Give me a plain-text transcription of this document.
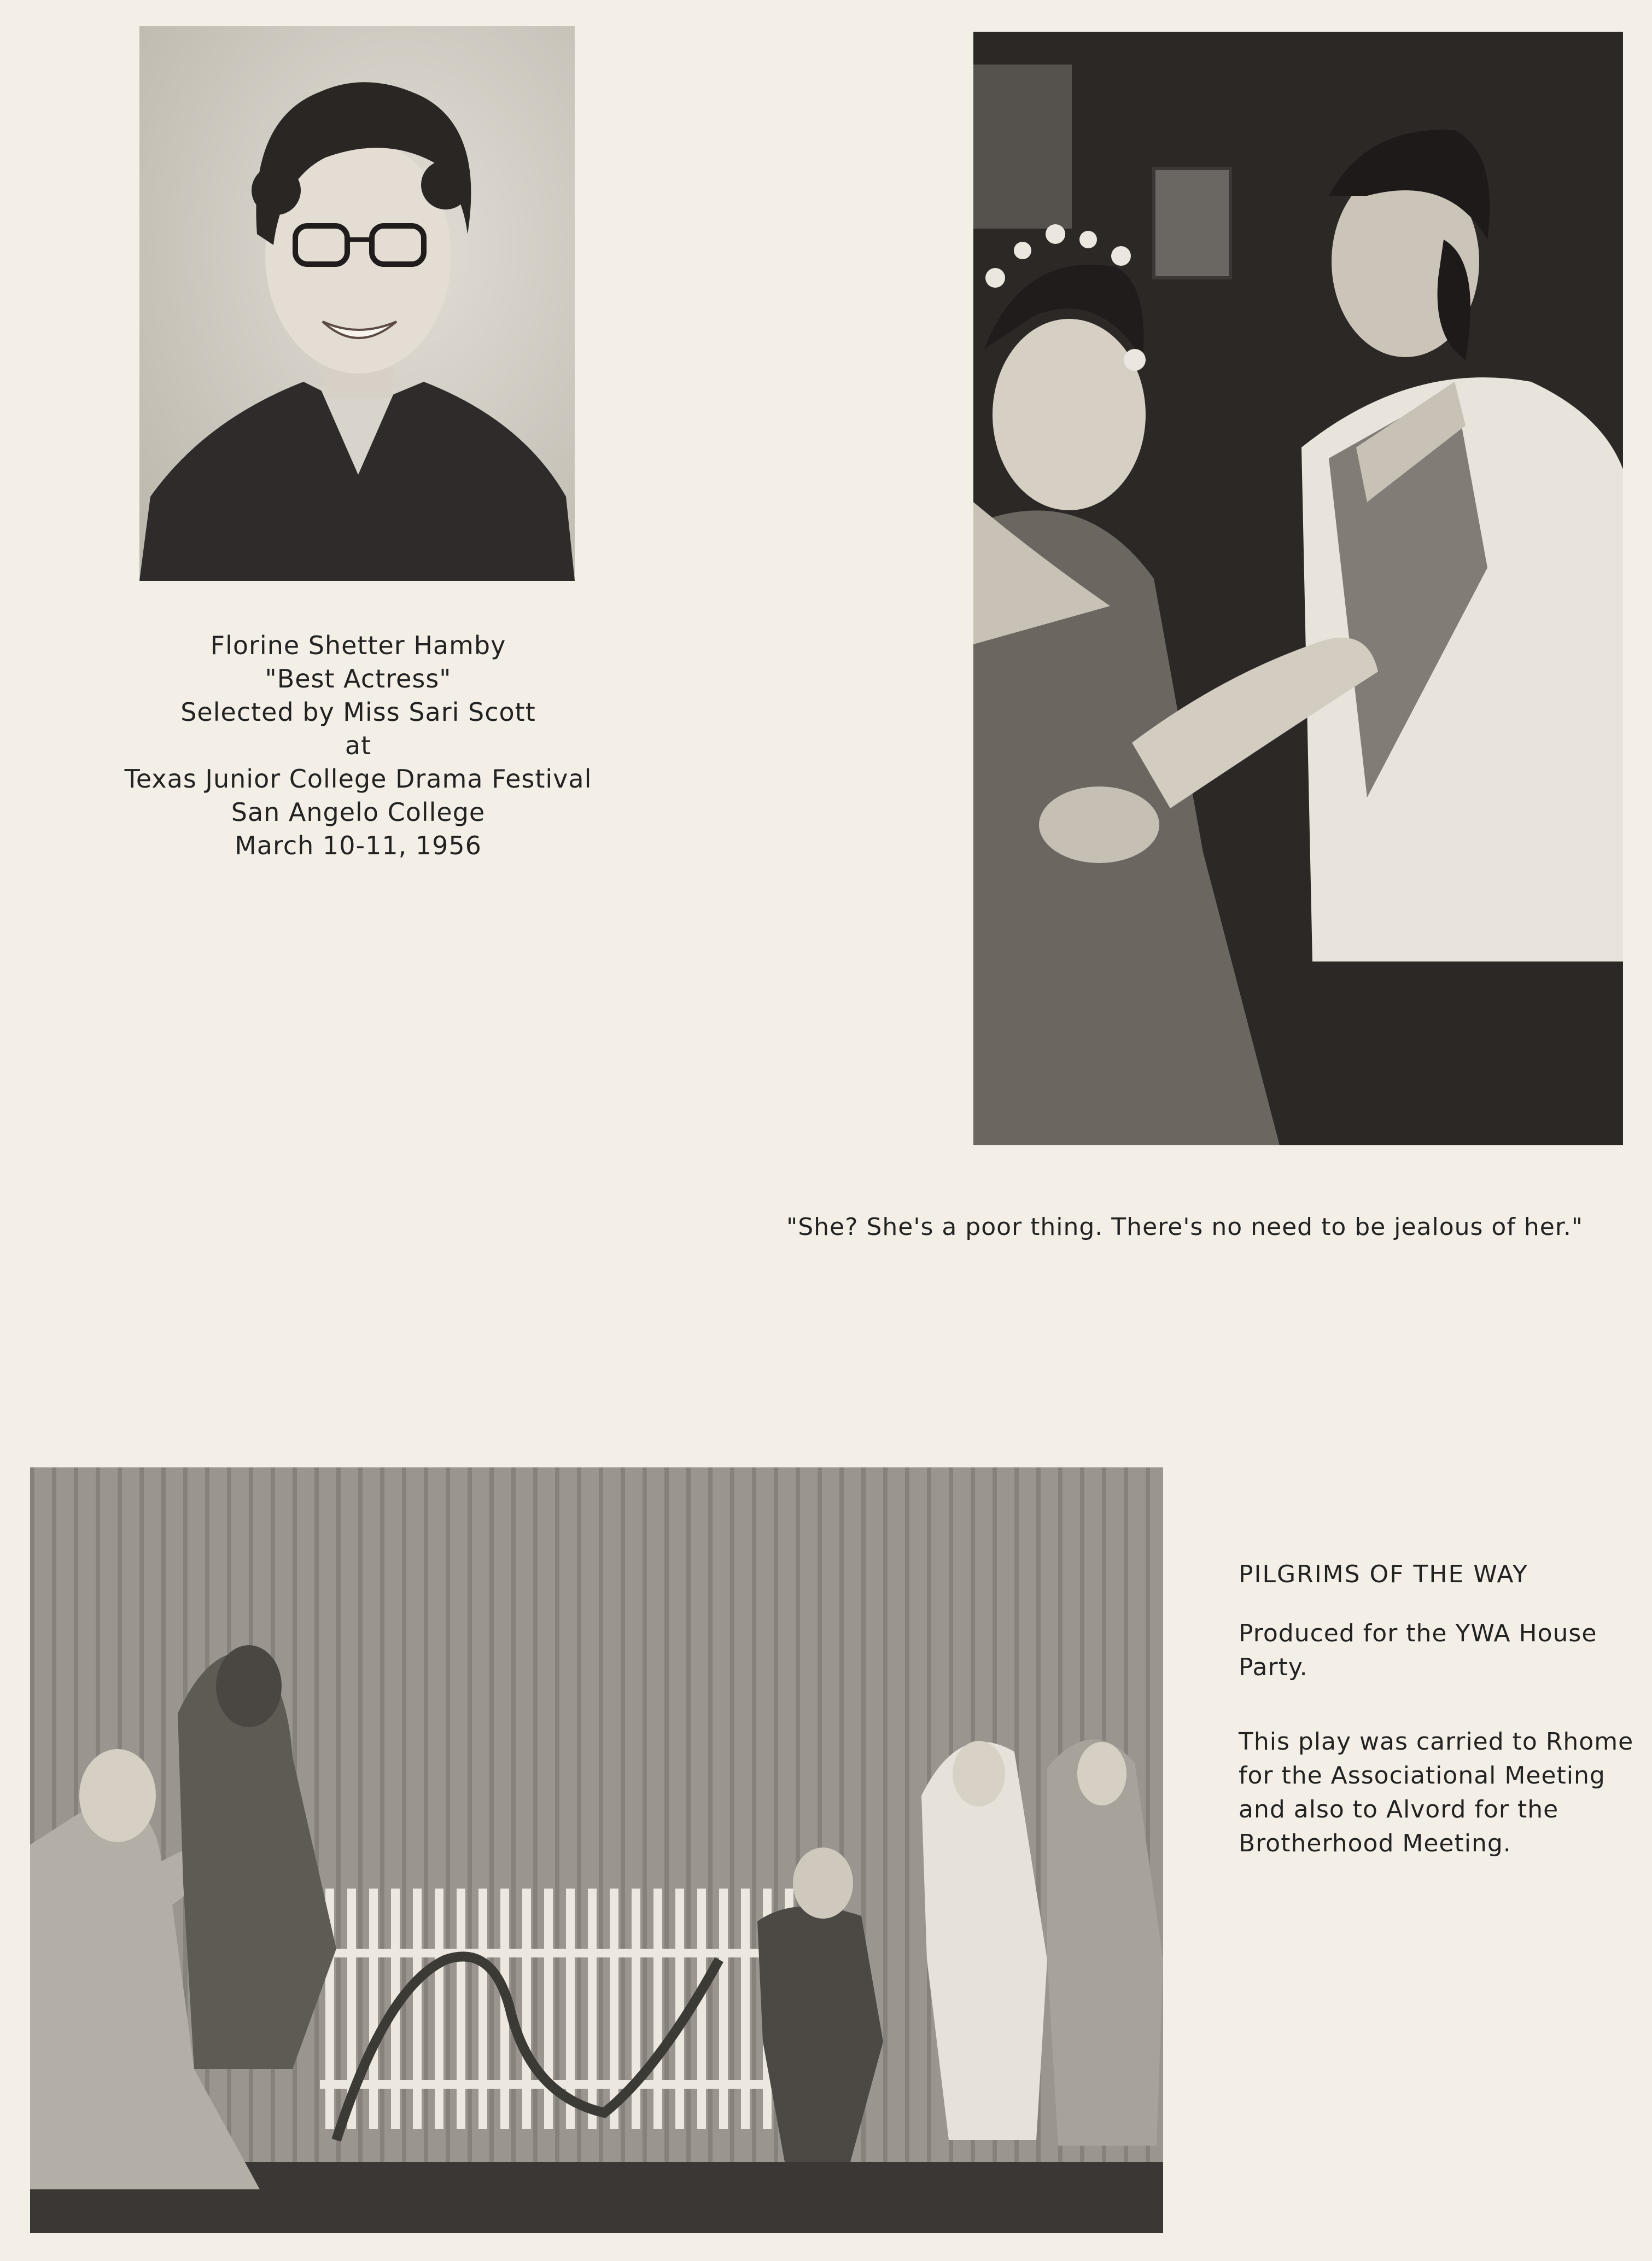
Florine Shetter Hamby
"Best Actress"
Selected by Miss Sari Scott
at
Texas Junior College Drama Festival
San Angelo College
March 10-11, 1956
"She? She's a poor thing. There's no need to be jealous of her."
PILGRIMS OF THE WAY
Produced for the YWA House
Party.
This play was carried to Rhome
for the Associational Meeting
and also to Alvord for the
Brotherhood Meeting.
